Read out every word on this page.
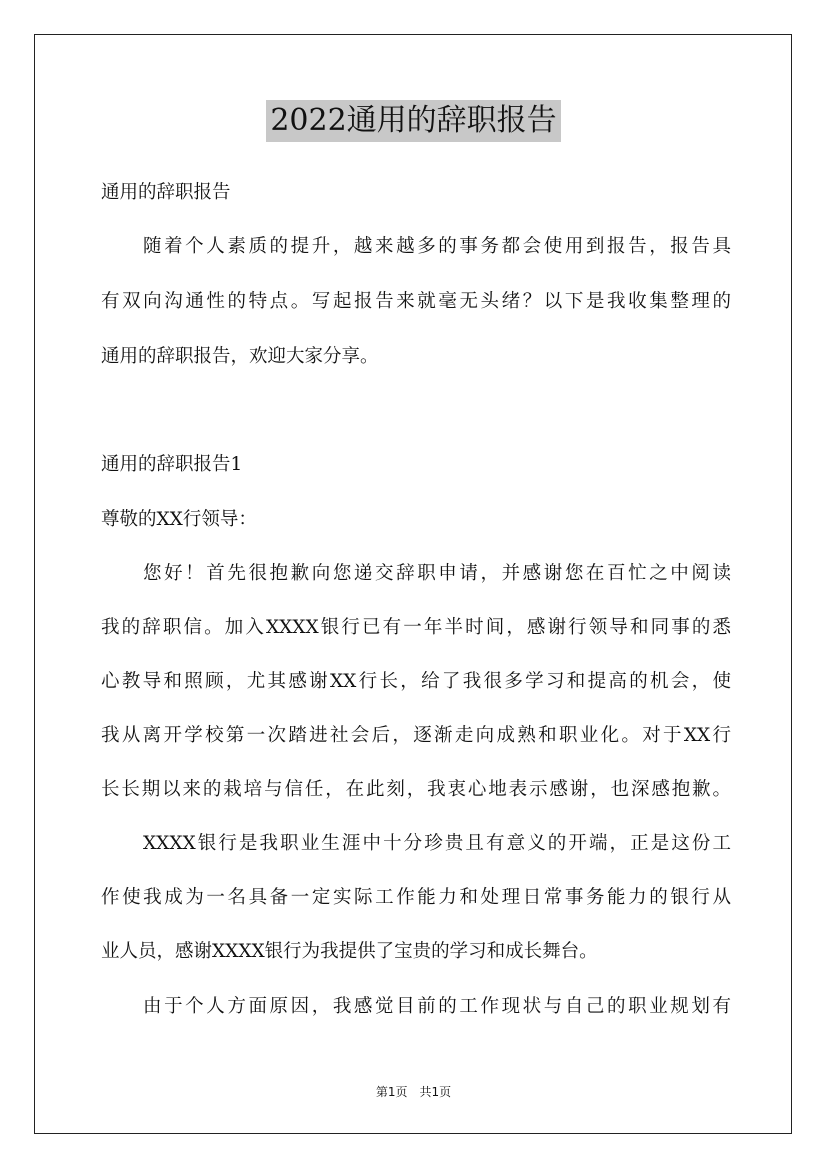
2022通用的辞职报告
通用的辞职报告
随着个人素质的提升，越来越多的事务都会使用到报告，报告具
有双向沟通性的特点。写起报告来就毫无头绪？以下是我收集整理的
通用的辞职报告，欢迎大家分享。
通用的辞职报告1
尊敬的XX行领导：
您好！首先很抱歉向您递交辞职申请，并感谢您在百忙之中阅读
我的辞职信。加入XXXX银行已有一年半时间，感谢行领导和同事的悉
心教导和照顾，尤其感谢XX行长，给了我很多学习和提高的机会，使
我从离开学校第一次踏进社会后，逐渐走向成熟和职业化。对于XX行
长长期以来的栽培与信任，在此刻，我衷心地表示感谢，也深感抱歉。
XXXX银行是我职业生涯中十分珍贵且有意义的开端，正是这份工
作使我成为一名具备一定实际工作能力和处理日常事务能力的银行从
业人员，感谢XXXX银行为我提供了宝贵的学习和成长舞台。
由于个人方面原因，我感觉目前的工作现状与自己的职业规划有
第1页　共1页
